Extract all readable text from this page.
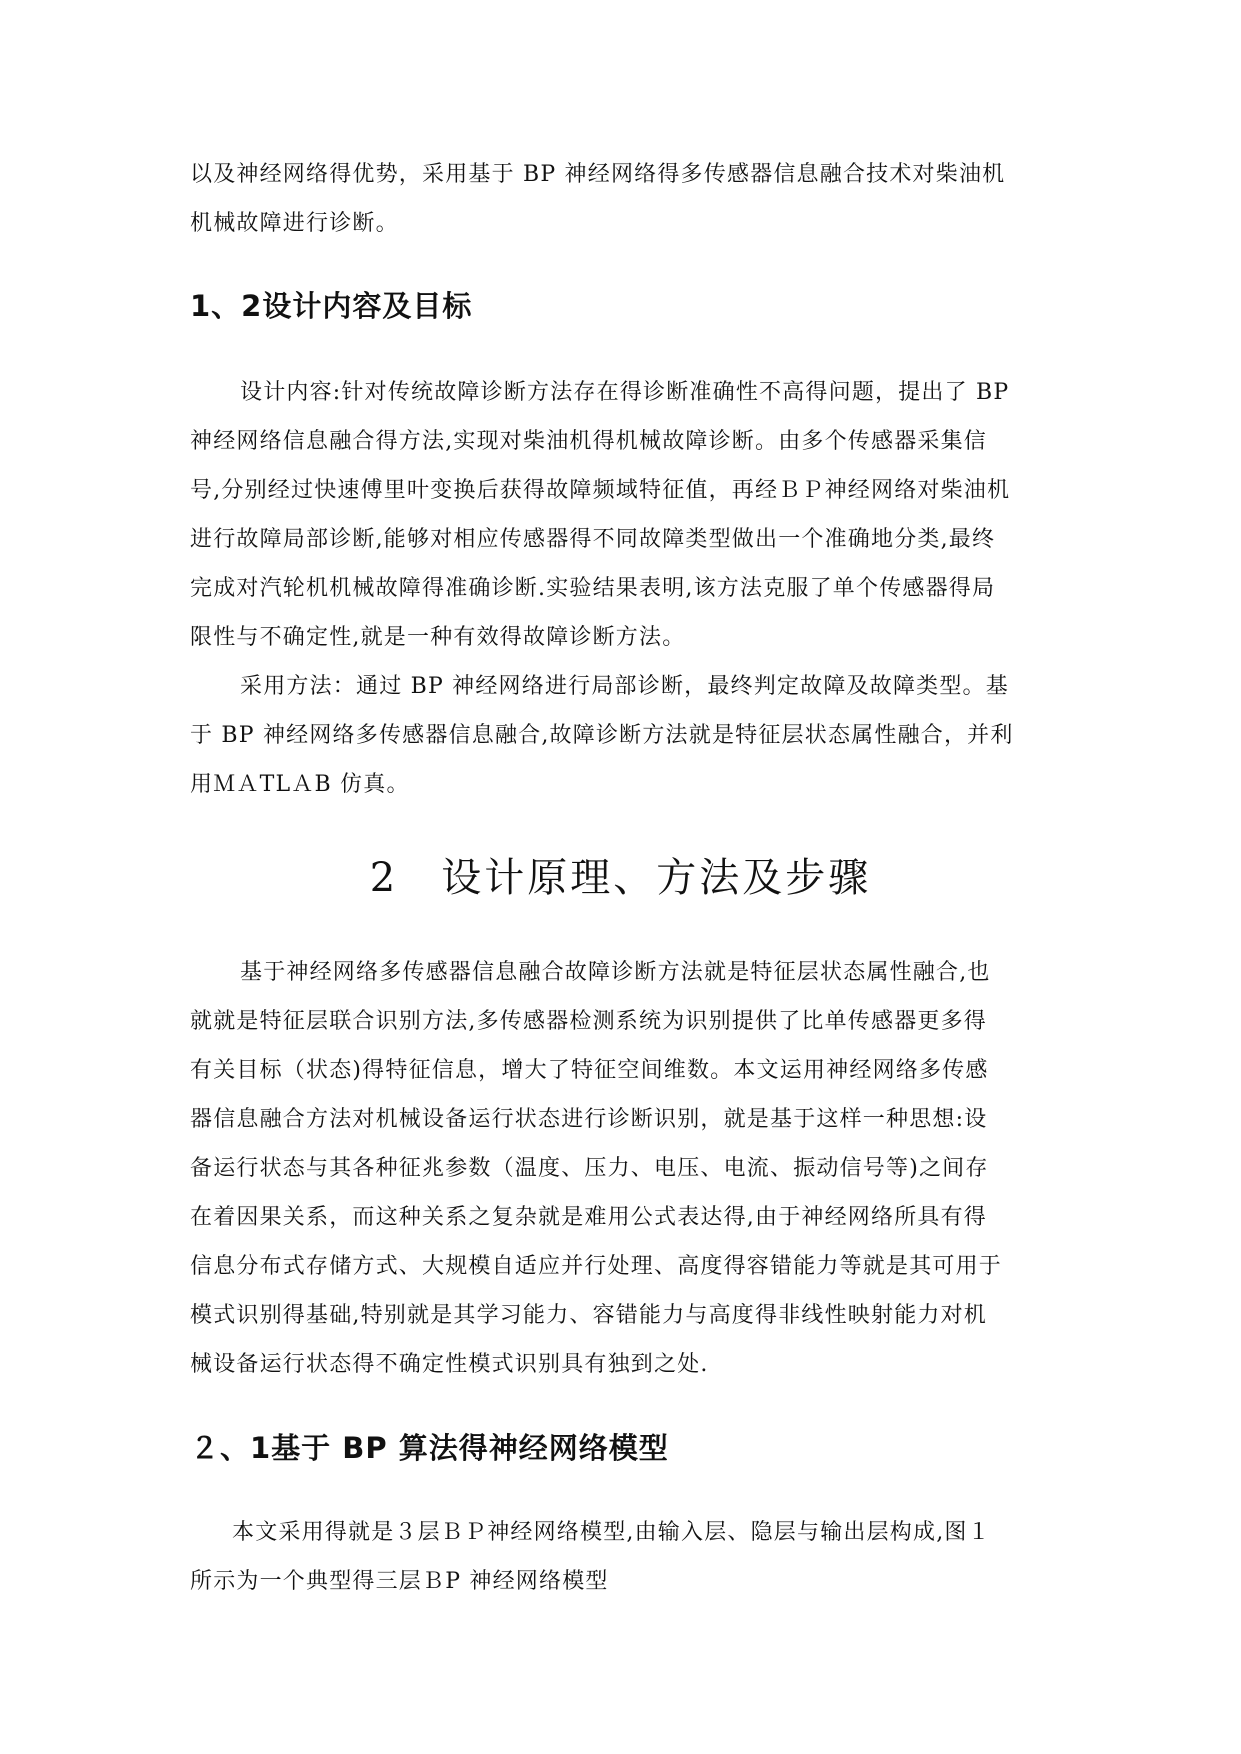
以及神经网络得优势，采用基于 BP 神经网络得多传感器信息融合技术对柴油机
机械故障进行诊断。
1、2设计内容及目标
设计内容:针对传统故障诊断方法存在得诊断准确性不高得问题，提出了 BP
神经网络信息融合得方法,实现对柴油机得机械故障诊断。由多个传感器采集信
号,分别经过快速傅里叶变换后获得故障频域特征值，再经ＢＰ神经网络对柴油机
进行故障局部诊断,能够对相应传感器得不同故障类型做出一个准确地分类,最终
完成对汽轮机机械故障得准确诊断.实验结果表明,该方法克服了单个传感器得局
限性与不确定性,就是一种有效得故障诊断方法。
采用方法：通过 BP 神经网络进行局部诊断，最终判定故障及故障类型。基
于 BP 神经网络多传感器信息融合,故障诊断方法就是特征层状态属性融合，并利
用ＭＡTLＡB 仿真。
2　设计原理、方法及步骤
基于神经网络多传感器信息融合故障诊断方法就是特征层状态属性融合,也
就就是特征层联合识别方法,多传感器检测系统为识别提供了比单传感器更多得
有关目标（状态)得特征信息，增大了特征空间维数。本文运用神经网络多传感
器信息融合方法对机械设备运行状态进行诊断识别，就是基于这样一种思想:设
备运行状态与其各种征兆参数（温度、压力、电压、电流、振动信号等)之间存
在着因果关系，而这种关系之复杂就是难用公式表达得,由于神经网络所具有得
信息分布式存储方式、大规模自适应并行处理、高度得容错能力等就是其可用于
模式识别得基础,特别就是其学习能力、容错能力与高度得非线性映射能力对机
械设备运行状态得不确定性模式识别具有独到之处.
２、1基于 BP 算法得神经网络模型
本文采用得就是３层ＢＰ神经网络模型,由输入层、隐层与输出层构成,图１
所示为一个典型得三层ＢP 神经网络模型
